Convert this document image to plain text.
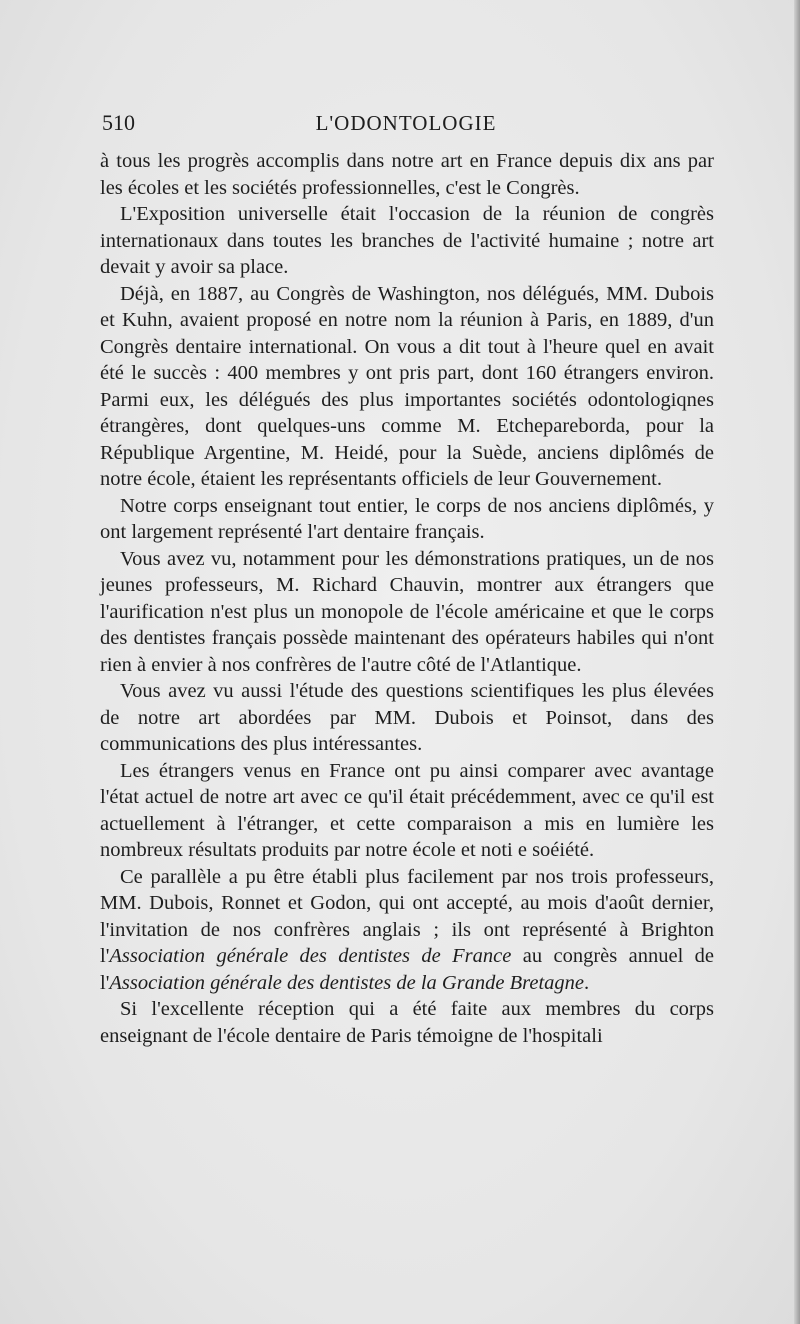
510	L'ODONTOLOGIE

à tous les progrès accomplis dans notre art en France depuis dix ans par les écoles et les sociétés professionnelles, c'est le Congrès.

L'Exposition universelle était l'occasion de la réunion de congrès internationaux dans toutes les branches de l'activité humaine ; notre art devait y avoir sa place.

Déjà, en 1887, au Congrès de Washington, nos délégués, MM. Dubois et Kuhn, avaient proposé en notre nom la réunion à Paris, en 1889, d'un Congrès dentaire international. On vous a dit tout à l'heure quel en avait été le succès : 400 membres y ont pris part, dont 160 étrangers environ. Parmi eux, les délégués des plus importantes sociétés odontologiqnes étrangères, dont quelques-uns comme M. Etchepareborda, pour la République Argentine, M. Heidé, pour la Suède, anciens diplômés de notre école, étaient les représentants officiels de leur Gouvernement.

Notre corps enseignant tout entier, le corps de nos anciens diplômés, y ont largement représenté l'art dentaire français.

Vous avez vu, notamment pour les démonstrations pratiques, un de nos jeunes professeurs, M. Richard Chauvin, montrer aux étrangers que l'aurification n'est plus un monopole de l'école américaine et que le corps des dentistes français possède maintenant des opérateurs habiles qui n'ont rien à envier à nos confrères de l'autre côté de l'Atlantique.

Vous avez vu aussi l'étude des questions scientifiques les plus élevées de notre art abordées par MM. Dubois et Poinsot, dans des communications des plus intéressantes.

Les étrangers venus en France ont pu ainsi comparer avec avantage l'état actuel de notre art avec ce qu'il était précédemment, avec ce qu'il est actuellement à l'étranger, et cette comparaison a mis en lumière les nombreux résultats produits par notre école et noti e soéiété.

Ce parallèle a pu être établi plus facilement par nos trois professeurs, MM. Dubois, Ronnet et Godon, qui ont accepté, au mois d'août dernier, l'invitation de nos confrères anglais ; ils ont représenté à Brighton l'Association générale des dentistes de France au congrès annuel de l'Association générale des dentistes de la Grande Bretagne.

Si l'excellente réception qui a été faite aux membres du corps enseignant de l'école dentaire de Paris témoigne de l'hospitali
